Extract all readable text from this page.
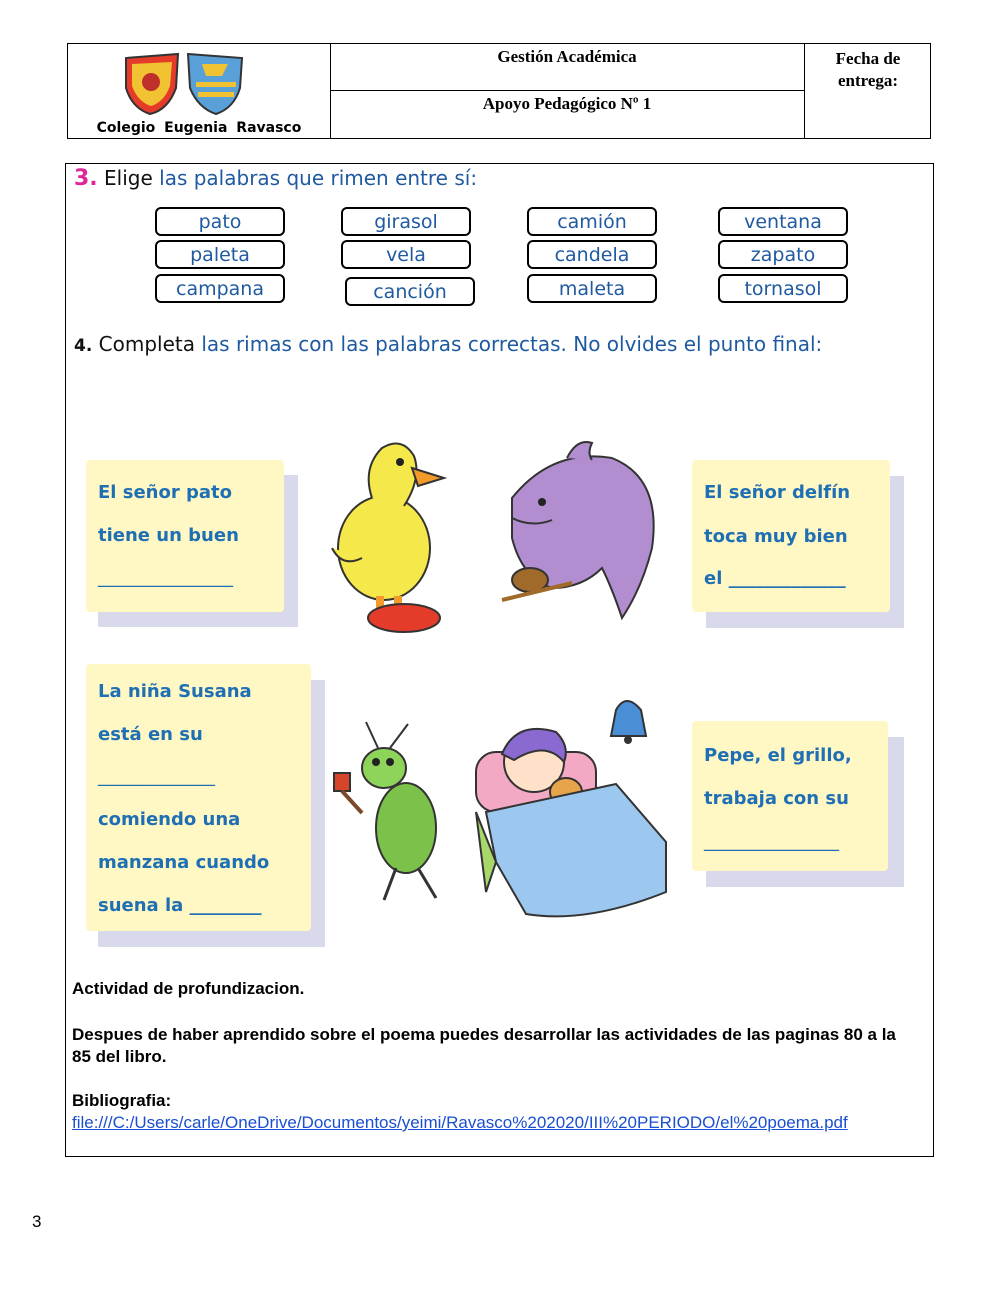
Colegio Eugenia Ravasco
Gestión Académica
Apoyo Pedagógico Nº 1
Fecha de entrega:
3. Elige las palabras que rimen entre sí:
pato	girasol	camión	ventana
paleta	vela	candela	zapato
campana	canción	maleta	tornasol
4. Completa las rimas con las palabras correctas. No olvides el punto final:
El señor pato
tiene un buen
_______________
El señor delfín
toca muy bien
el _____________
La niña Susana
está en su
_____________
comiendo una
manzana cuando
suena la ________
Pepe, el grillo,
trabaja con su
_______________
Actividad de profundizacion.
Despues de haber aprendido sobre el poema puedes desarrollar las actividades de las paginas 80 a la 85 del libro.
Bibliografia:
file:///C:/Users/carle/OneDrive/Documentos/yeimi/Ravasco%202020/III%20PERIODO/el%20poema.pdf
3
